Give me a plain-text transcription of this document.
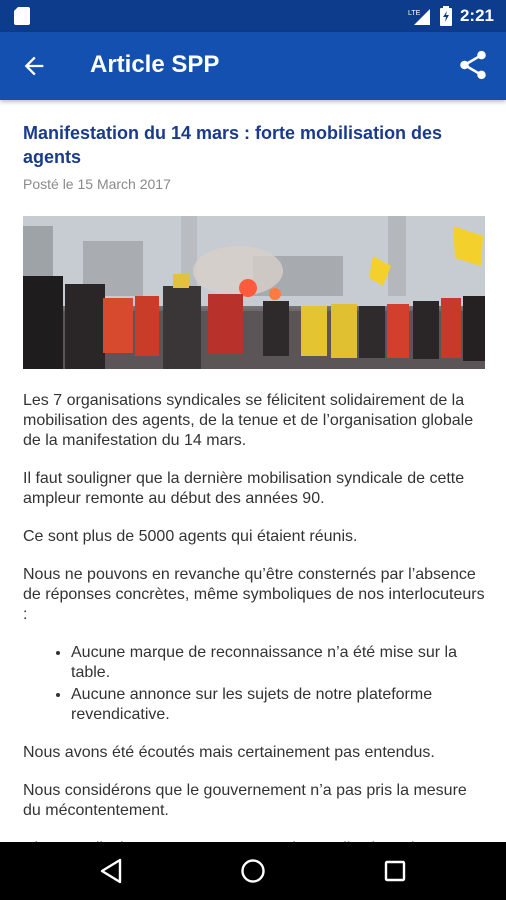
LTE 2:21
Article SPP
Manifestation du 14 mars : forte mobilisation des agents
Posté le 15 March 2017

Les 7 organisations syndicales se félicitent solidairement de la mobilisation des agents, de la tenue et de l’organisation globale de la manifestation du 14 mars.

Il faut souligner que la dernière mobilisation syndicale de cette ampleur remonte au début des années 90.

Ce sont plus de 5000 agents qui étaient réunis.

Nous ne pouvons en revanche qu’être consternés par l’absence de réponses concrètes, même symboliques de nos interlocuteurs :

• Aucune marque de reconnaissance n’a été mise sur la table.
• Aucune annonce sur les sujets de notre plateforme revendicative.

Nous avons été écoutés mais certainement pas entendus.

Nous considérons que le gouvernement n’a pas pris la mesure du mécontentement.
